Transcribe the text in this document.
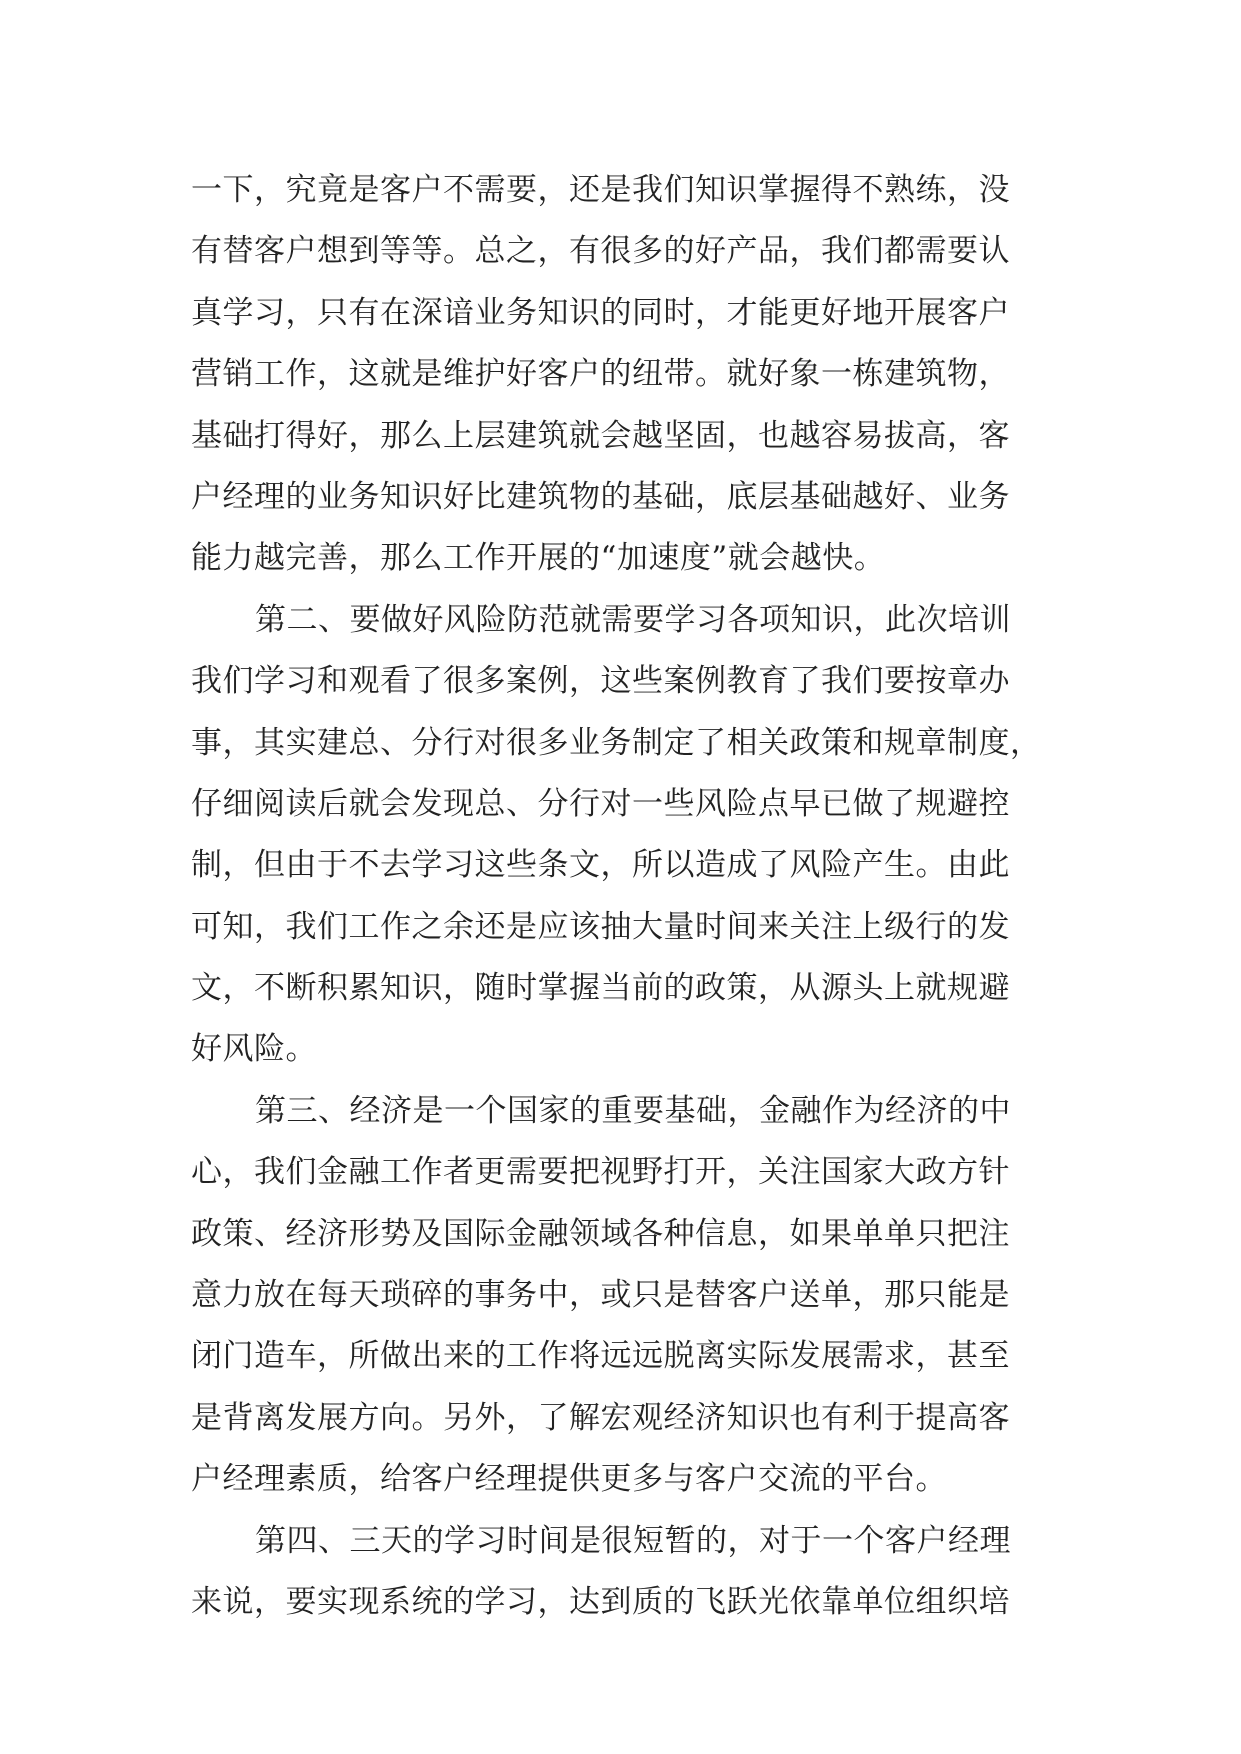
一下，究竟是客户不需要，还是我们知识掌握得不熟练，没
有替客户想到等等。总之，有很多的好产品，我们都需要认
真学习，只有在深谙业务知识的同时，才能更好地开展客户
营销工作，这就是维护好客户的纽带。就好象一栋建筑物，
基础打得好，那么上层建筑就会越坚固，也越容易拔高，客
户经理的业务知识好比建筑物的基础，底层基础越好、业务
能力越完善，那么工作开展的“加速度”就会越快。
第二、要做好风险防范就需要学习各项知识，此次培训
我们学习和观看了很多案例，这些案例教育了我们要按章办
事，其实建总、分行对很多业务制定了相关政策和规章制度，
仔细阅读后就会发现总、分行对一些风险点早已做了规避控
制，但由于不去学习这些条文，所以造成了风险产生。由此
可知，我们工作之余还是应该抽大量时间来关注上级行的发
文，不断积累知识，随时掌握当前的政策，从源头上就规避
好风险。
第三、经济是一个国家的重要基础，金融作为经济的中
心，我们金融工作者更需要把视野打开，关注国家大政方针
政策、经济形势及国际金融领域各种信息，如果单单只把注
意力放在每天琐碎的事务中，或只是替客户送单，那只能是
闭门造车，所做出来的工作将远远脱离实际发展需求，甚至
是背离发展方向。另外，了解宏观经济知识也有利于提高客
户经理素质，给客户经理提供更多与客户交流的平台。
第四、三天的学习时间是很短暂的，对于一个客户经理
来说，要实现系统的学习，达到质的飞跃光依靠单位组织培
